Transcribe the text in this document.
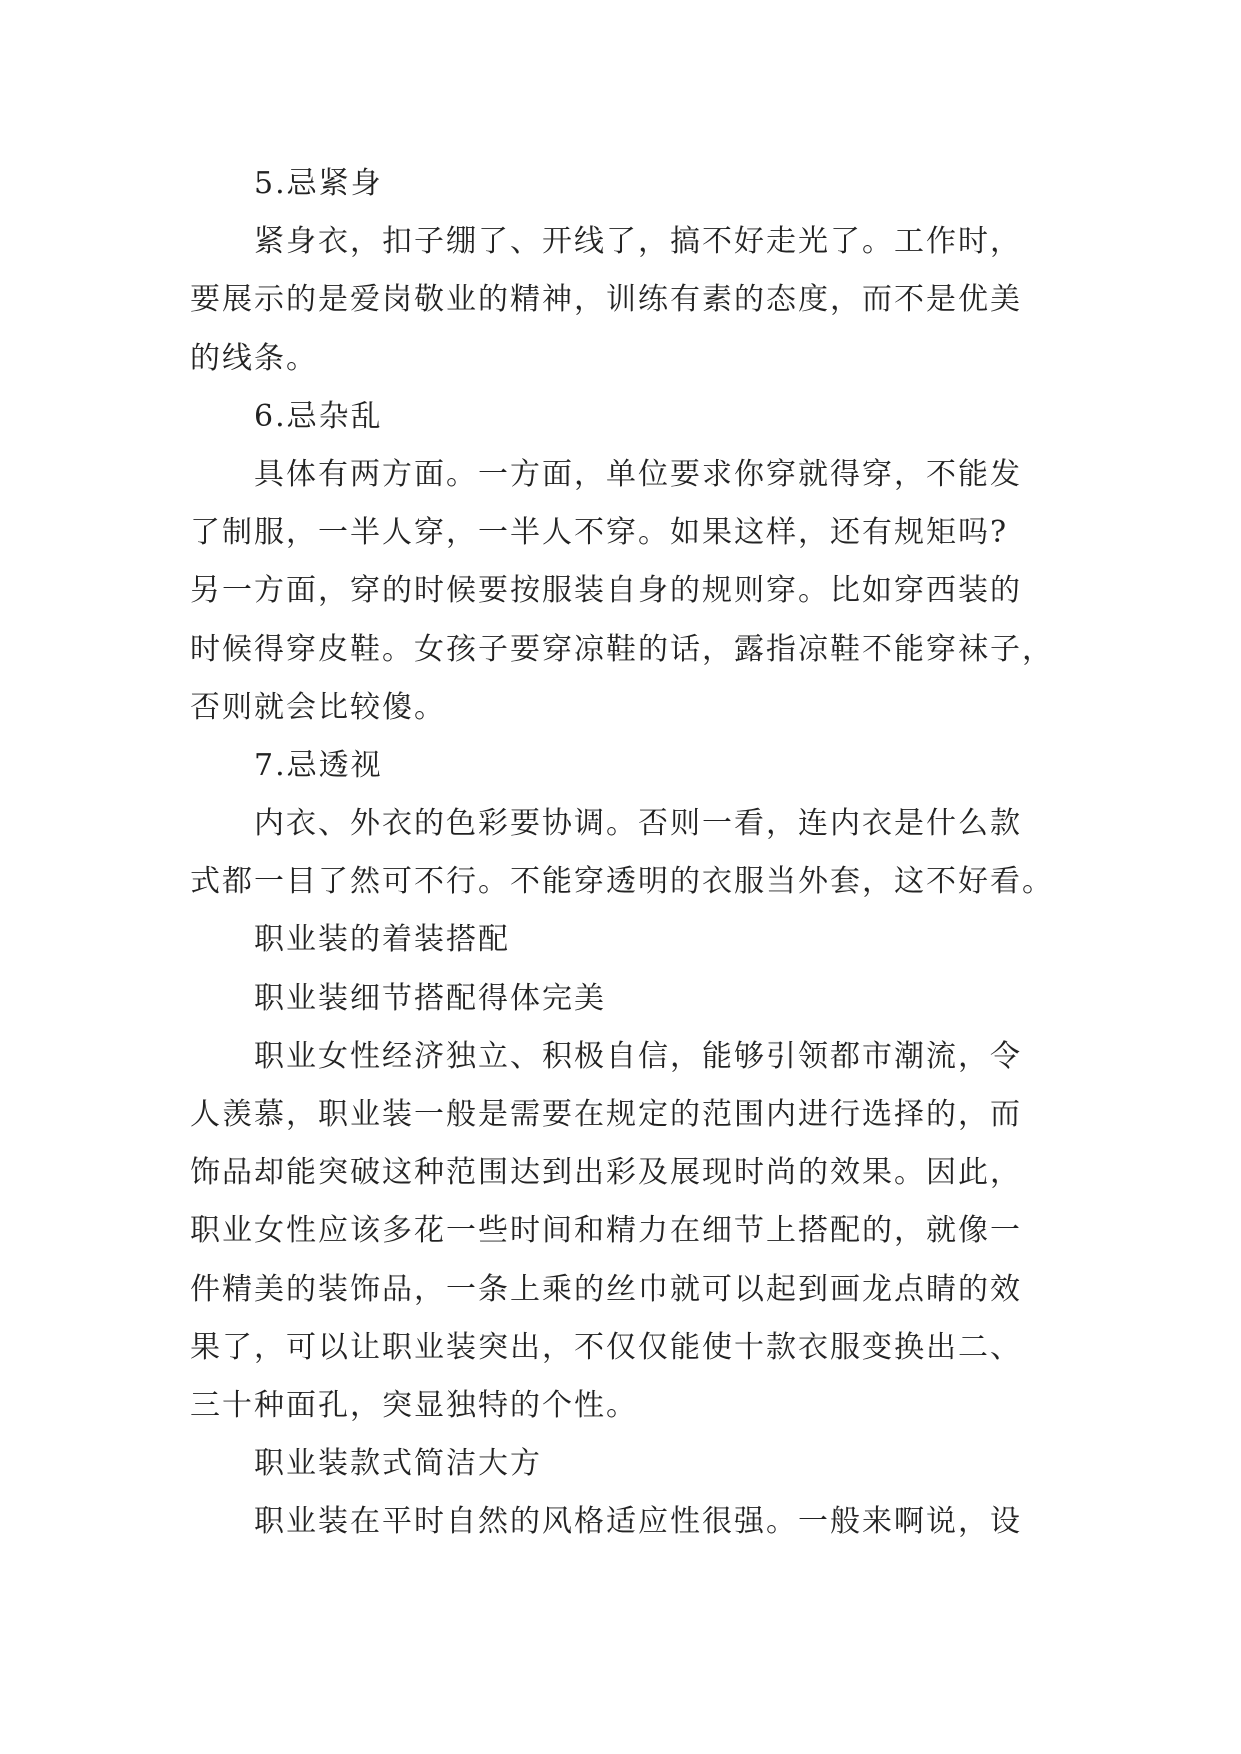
5.忌紧身
紧身衣，扣子绷了、开线了，搞不好走光了。工作时，
要展示的是爱岗敬业的精神，训练有素的态度，而不是优美
的线条。
6.忌杂乱
具体有两方面。一方面，单位要求你穿就得穿，不能发
了制服，一半人穿，一半人不穿。如果这样，还有规矩吗?
另一方面，穿的时候要按服装自身的规则穿。比如穿西装的
时候得穿皮鞋。女孩子要穿凉鞋的话，露指凉鞋不能穿袜子，
否则就会比较傻。
7.忌透视
内衣、外衣的色彩要协调。否则一看，连内衣是什么款
式都一目了然可不行。不能穿透明的衣服当外套，这不好看。
职业装的着装搭配
职业装细节搭配得体完美
职业女性经济独立、积极自信，能够引领都市潮流，令
人羡慕，职业装一般是需要在规定的范围内进行选择的，而
饰品却能突破这种范围达到出彩及展现时尚的效果。因此，
职业女性应该多花一些时间和精力在细节上搭配的，就像一
件精美的装饰品，一条上乘的丝巾就可以起到画龙点睛的效
果了，可以让职业装突出，不仅仅能使十款衣服变换出二、
三十种面孔，突显独特的个性。
职业装款式简洁大方
职业装在平时自然的风格适应性很强。一般来啊说，设
